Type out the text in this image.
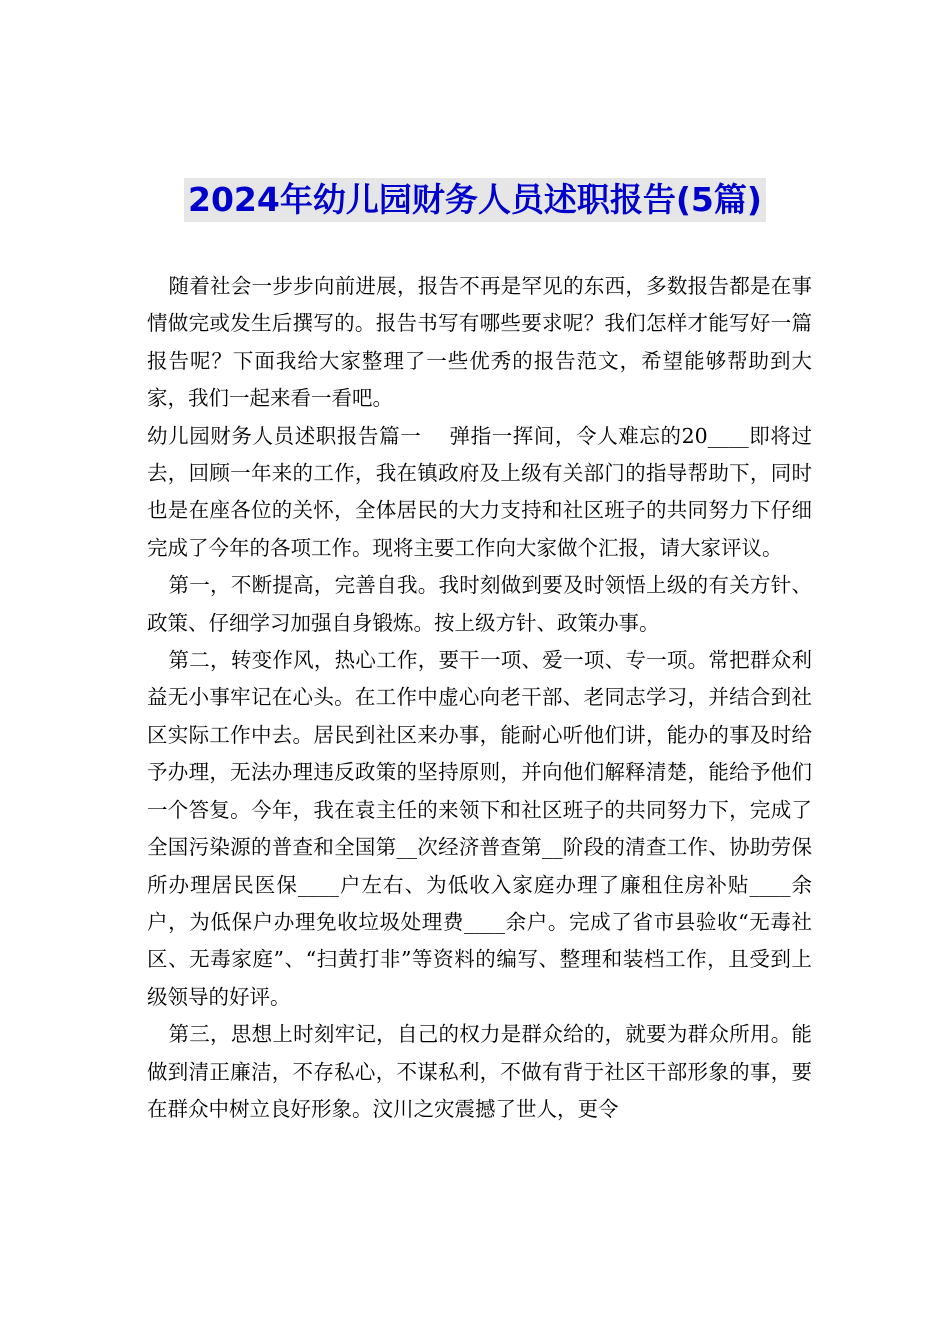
2024年幼儿园财务人员述职报告(5篇)

随着社会一步步向前进展，报告不再是罕见的东西，多数报告都是在事情做完或发生后撰写的。报告书写有哪些要求呢？我们怎样才能写好一篇报告呢？下面我给大家整理了一些优秀的报告范文，希望能够帮助到大家，我们一起来看一看吧。

幼儿园财务人员述职报告篇一　 弹指一挥间，令人难忘的20____即将过去，回顾一年来的工作，我在镇政府及上级有关部门的指导帮助下，同时也是在座各位的关怀，全体居民的大力支持和社区班子的共同努力下仔细完成了今年的各项工作。现将主要工作向大家做个汇报，请大家评议。

第一，不断提高，完善自我。我时刻做到要及时领悟上级的有关方针、政策、仔细学习加强自身锻炼。按上级方针、政策办事。

第二，转变作风，热心工作，要干一项、爱一项、专一项。常把群众利益无小事牢记在心头。在工作中虚心向老干部、老同志学习，并结合到社区实际工作中去。居民到社区来办事，能耐心听他们讲，能办的事及时给予办理，无法办理违反政策的坚持原则，并向他们解释清楚，能给予他们一个答复。今年，我在袁主任的来领下和社区班子的共同努力下，完成了全国污染源的普查和全国第__次经济普查第__阶段的清查工作、协助劳保所办理居民医保____户左右、为低收入家庭办理了廉租住房补贴____余户，为低保户办理免收垃圾处理费____余户。完成了省市县验收“无毒社区、无毒家庭”、“扫黄打非”等资料的编写、整理和装档工作，且受到上级领导的好评。

第三，思想上时刻牢记，自己的权力是群众给的，就要为群众所用。能做到清正廉洁，不存私心，不谋私利，不做有背于社区干部形象的事，要在群众中树立良好形象。汶川之灾震撼了世人，更令
